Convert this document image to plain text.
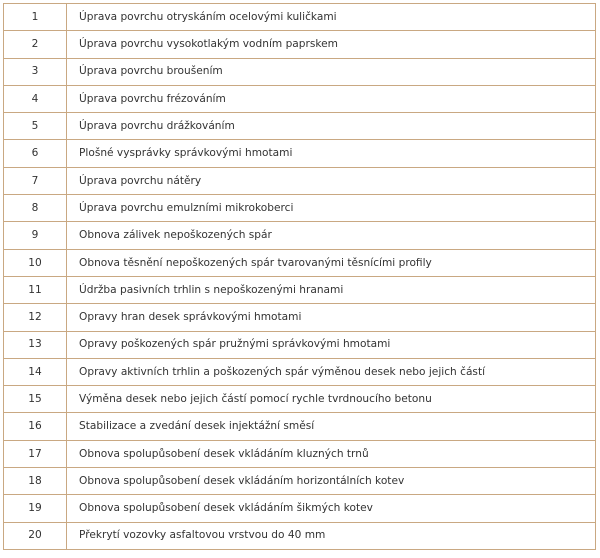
1	Úprava povrchu otryskáním ocelovými kuličkami
2	Úprava povrchu vysokotlakým vodním paprskem
3	Úprava povrchu broušením
4	Úprava povrchu frézováním
5	Úprava povrchu drážkováním
6	Plošné vysprávky správkovými hmotami
7	Úprava povrchu nátěry
8	Úprava povrchu emulzními mikrokoberci
9	Obnova zálivek nepoškozených spár
10	Obnova těsnění nepoškozených spár tvarovanými těsnícími profily
11	Údržba pasivních trhlin s nepoškozenými hranami
12	Opravy hran desek správkovými hmotami
13	Opravy poškozených spár pružnými správkovými hmotami
14	Opravy aktivních trhlin a poškozených spár výměnou desek nebo jejich částí
15	Výměna desek nebo jejich částí pomocí rychle tvrdnoucího betonu
16	Stabilizace a zvedání desek injektážní směsí
17	Obnova spolupůsobení desek vkládáním kluzných trnů
18	Obnova spolupůsobení desek vkládáním horizontálních kotev
19	Obnova spolupůsobení desek vkládáním šikmých kotev
20	Překrytí vozovky asfaltovou vrstvou do 40 mm
